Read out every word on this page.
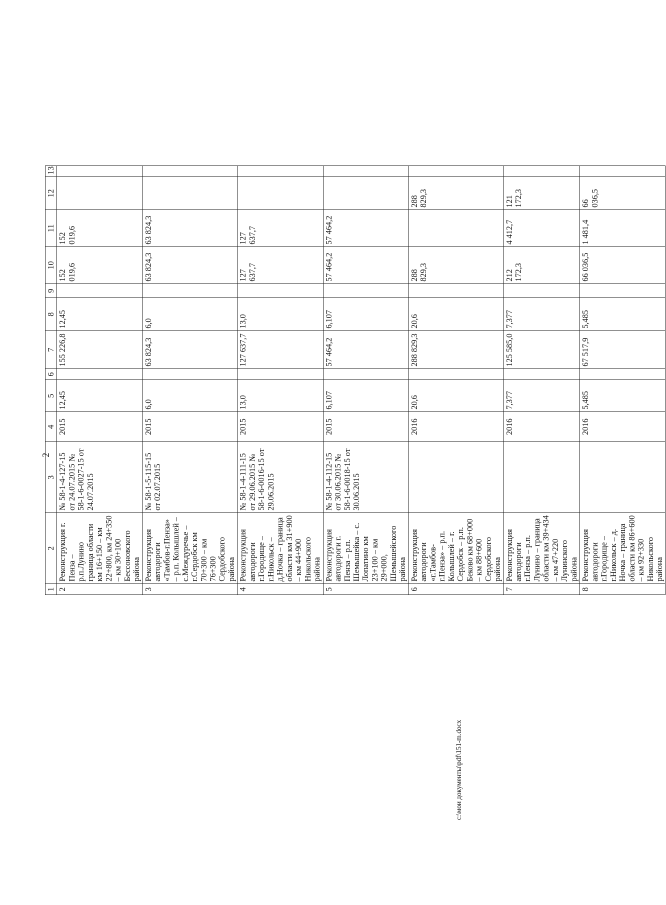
2
1	2	3	4	5	6	7	8	9	10	11	12	13
2	Реконструкция г. Пенза – р.п.Лунино граница области км 16+150 – км 22+800, км 24+350 – км 30+100 Бессоновского района	№ 58-1-4-127-15 от 24.07.2015 № 58-1-6-0027-15 от 24.07.2015	2015	12,45		155 226,8	12,45		152 019,6	152 019,6		
3	Реконструкция автодороги «Тамбов-г.Пенза» – р.п. Колышлей – с.Междуречье – г.Сердобск км 70+300 – км 76+300 Сердобского района	№ 58-1-5-115-15 от 02.07.2015	2015	6,0		63 824,3	6,0		63 824,3	63 824,3		
4	Реконструкция автодороги г.Городище – г.Никольск – д.Ночка – граница области км 31+900 – км 44+900 Никольского района	№ 58-1-4-111-15 от 29.06.2015 № 58-1-6-0016-15 от 29.06.2015	2015	13,0		127 637,7	13,0		127 637,7	127 637,7		
5	Реконструкция автодороги г. Пенза – р.п. Шемышейка – с. Лопатино км 23+100 – км 29+000, Шемышейского района	№ 58-1-4-112-15 от 30.06.2015 № 58-1-6-0018-15 от 30.06.2015	2015	6,107		57 464,2	6,107		57 464,2	57 464,2		
6	Реконструкция автодороги «г.Тамбов-г.Пенза» – р.п. Колышлей – г. Сердобск – р.п. Беково км 68+000 – км 88+600 Сердобского района		2016	20,6		288 829,3	20,6		288 829,3		288 829,3	
7	Реконструкция автодороги г.Пенза – р.п. Лунино – граница области км 39+434 – км 47+220 Лунинского района		2016	7,377		125 585,0	7,377		212 172,3	4 412,7	121 172,3	
8	Реконструкция автодороги г.Городище – г.Никольск – д. Ночка – граница области км 86+600 – км 92+330 Никольского района		2016	5,485		67 517,9	5,485		66 036,5	1 481,4	66 036,5	
c:\мои документы\pdf\151-m.docx
